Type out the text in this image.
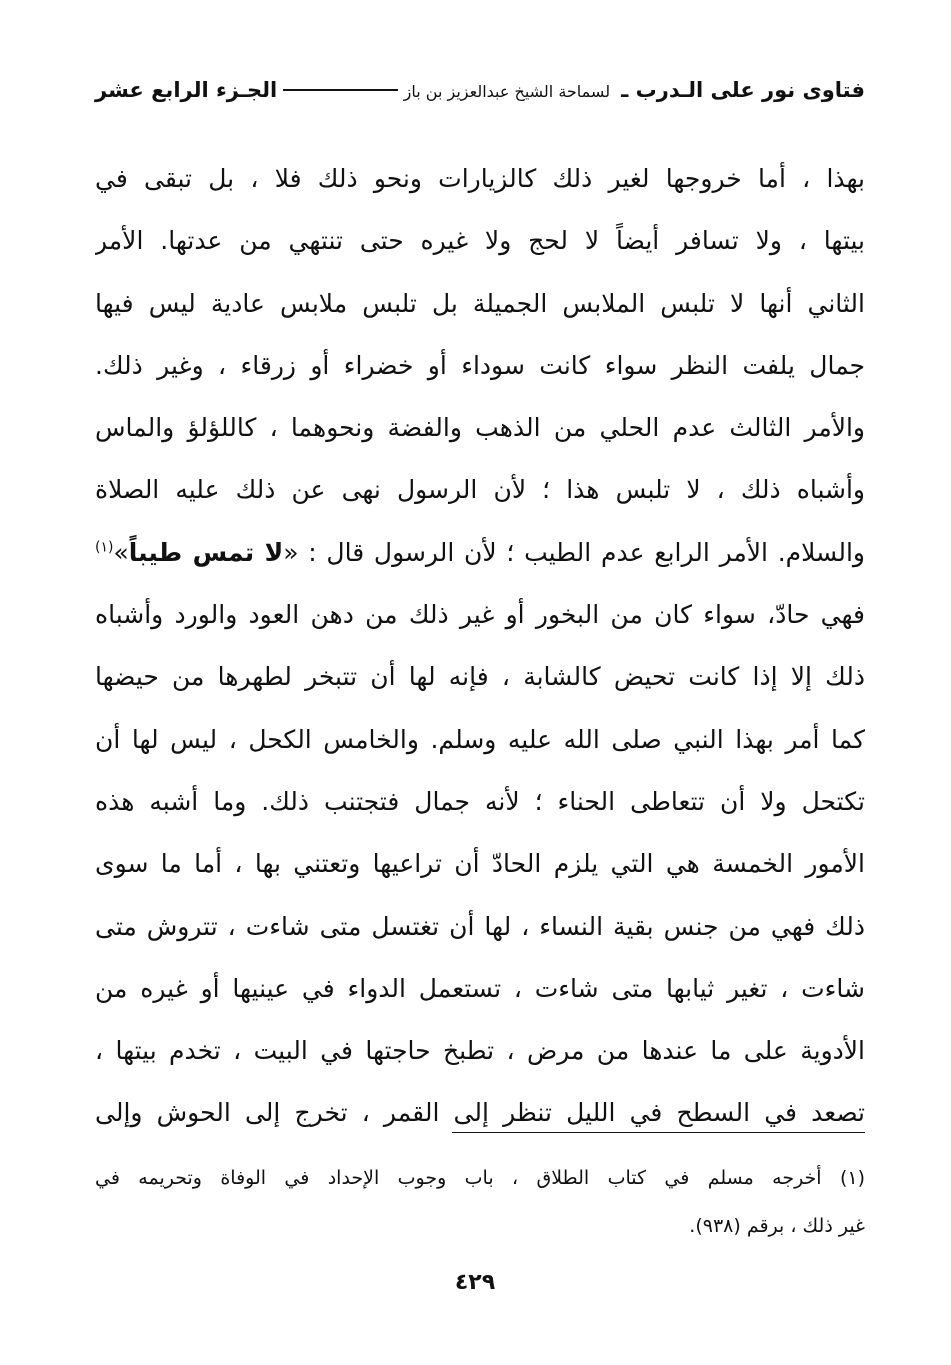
فتاوى نور على الـدرب ـ لسماحة الشيخ عبدالعزيز بن باز
الجـزء الرابع عشر
بهذا ، أما خروجها لغير ذلك كالزيارات ونحو ذلك فلا ، بل تبقى في
بيتها ، ولا تسافر أيضاً لا لحج ولا غيره حتى تنتهي من عدتها. الأمر
الثاني أنها لا تلبس الملابس الجميلة بل تلبس ملابس عادية ليس فيها
جمال يلفت النظر سواء كانت سوداء أو خضراء أو زرقاء ، وغير ذلك.
والأمر الثالث عدم الحلي من الذهب والفضة ونحوهما ، كاللؤلؤ والماس
وأشباه ذلك ، لا تلبس هذا ؛ لأن الرسول نهى عن ذلك عليه الصلاة
والسلام. الأمر الرابع عدم الطيب ؛ لأن الرسول قال : «لا تمس طيباً»$^{(١)}$
فهي حادّ، سواء كان من البخور أو غير ذلك من دهن العود والورد وأشباه
ذلك إلا إذا كانت تحيض كالشابة ، فإنه لها أن تتبخر لطهرها من حيضها
كما أمر بهذا النبي صلى الله عليه وسلم. والخامس الكحل ، ليس لها أن
تكتحل ولا أن تتعاطى الحناء ؛ لأنه جمال فتجتنب ذلك. وما أشبه هذه
الأمور الخمسة هي التي يلزم الحادّ أن تراعيها وتعتني بها ، أما ما سوى
ذلك فهي من جنس بقية النساء ، لها أن تغتسل متى شاءت ، تتروش متى
شاءت ، تغير ثيابها متى شاءت ، تستعمل الدواء في عينيها أو غيره من
الأدوية على ما عندها من مرض ، تطبخ حاجتها في البيت ، تخدم بيتها ،
تصعد في السطح في الليل تنظر إلى القمر ، تخرج إلى الحوش وإلى
(١) أخرجه مسلم في كتاب الطلاق ، باب وجوب الإحداد في الوفاة وتحريمه في
غير ذلك ، برقم (٩٣٨).
٤٢٩
